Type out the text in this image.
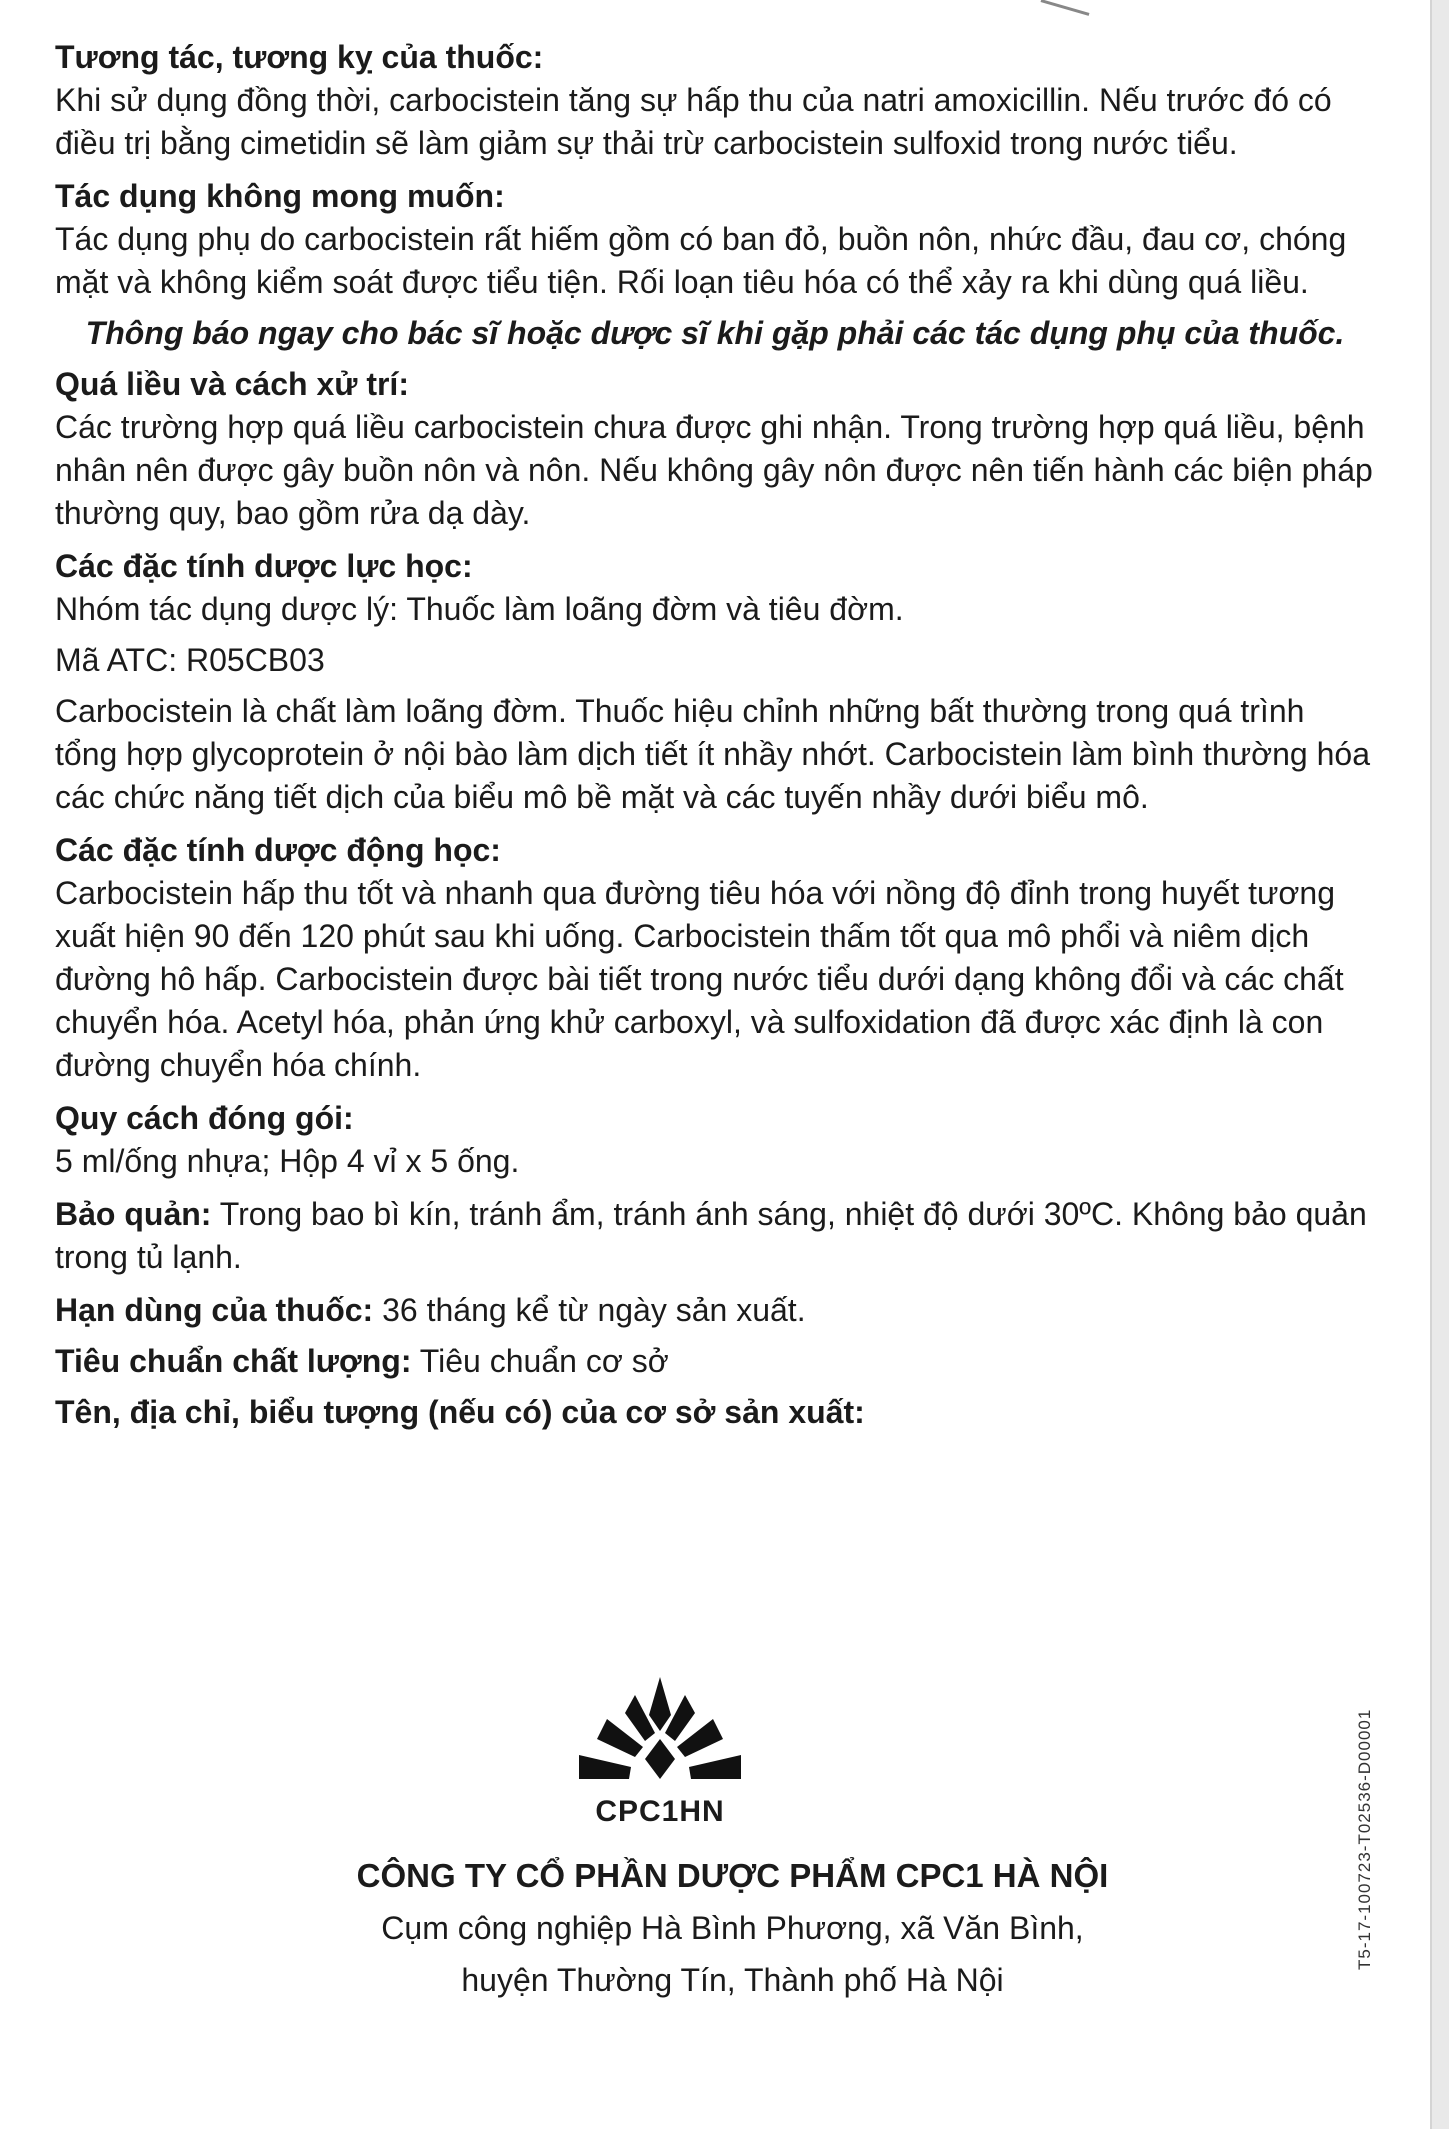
Tương tác, tương kỵ của thuốc:

Khi sử dụng đồng thời, carbocistein tăng sự hấp thu của natri amoxicillin. Nếu trước đó có điều trị bằng cimetidin sẽ làm giảm sự thải trừ carbocistein sulfoxid trong nước tiểu.

Tác dụng không mong muốn:

Tác dụng phụ do carbocistein rất hiếm gồm có ban đỏ, buồn nôn, nhức đầu, đau cơ, chóng mặt và không kiểm soát được tiểu tiện. Rối loạn tiêu hóa có thể xảy ra khi dùng quá liều.

Thông báo ngay cho bác sĩ hoặc dược sĩ khi gặp phải các tác dụng phụ của thuốc.

Quá liều và cách xử trí:

Các trường hợp quá liều carbocistein chưa được ghi nhận. Trong trường hợp quá liều, bệnh nhân nên được gây buồn nôn và nôn. Nếu không gây nôn được nên tiến hành các biện pháp thường quy, bao gồm rửa dạ dày.

Các đặc tính dược lực học:

Nhóm tác dụng dược lý: Thuốc làm loãng đờm và tiêu đờm.

Mã ATC: R05CB03

Carbocistein là chất làm loãng đờm. Thuốc hiệu chỉnh những bất thường trong quá trình tổng hợp glycoprotein ở nội bào làm dịch tiết ít nhầy nhớt. Carbocistein làm bình thường hóa các chức năng tiết dịch của biểu mô bề mặt và các tuyến nhầy dưới biểu mô.

Các đặc tính dược động học:

Carbocistein hấp thu tốt và nhanh qua đường tiêu hóa với nồng độ đỉnh trong huyết tương xuất hiện 90 đến 120 phút sau khi uống. Carbocistein thấm tốt qua mô phổi và niêm dịch đường hô hấp. Carbocistein được bài tiết trong nước tiểu dưới dạng không đổi và các chất chuyển hóa. Acetyl hóa, phản ứng khử carboxyl, và sulfoxidation đã được xác định là con đường chuyển hóa chính.

Quy cách đóng gói:

5 ml/ống nhựa; Hộp 4 vỉ x 5 ống.

Bảo quản: Trong bao bì kín, tránh ẩm, tránh ánh sáng, nhiệt độ dưới 30ºC. Không bảo quản trong tủ lạnh.

Hạn dùng của thuốc: 36 tháng kể từ ngày sản xuất.

Tiêu chuẩn chất lượng: Tiêu chuẩn cơ sở

Tên, địa chỉ, biểu tượng (nếu có) của cơ sở sản xuất:

CPC1HN
CÔNG TY CỔ PHẦN DƯỢC PHẨM CPC1 HÀ NỘI
Cụm công nghiệp Hà Bình Phương, xã Văn Bình,
huyện Thường Tín, Thành phố Hà Nội
T5-17-100723-T02536-D00001
